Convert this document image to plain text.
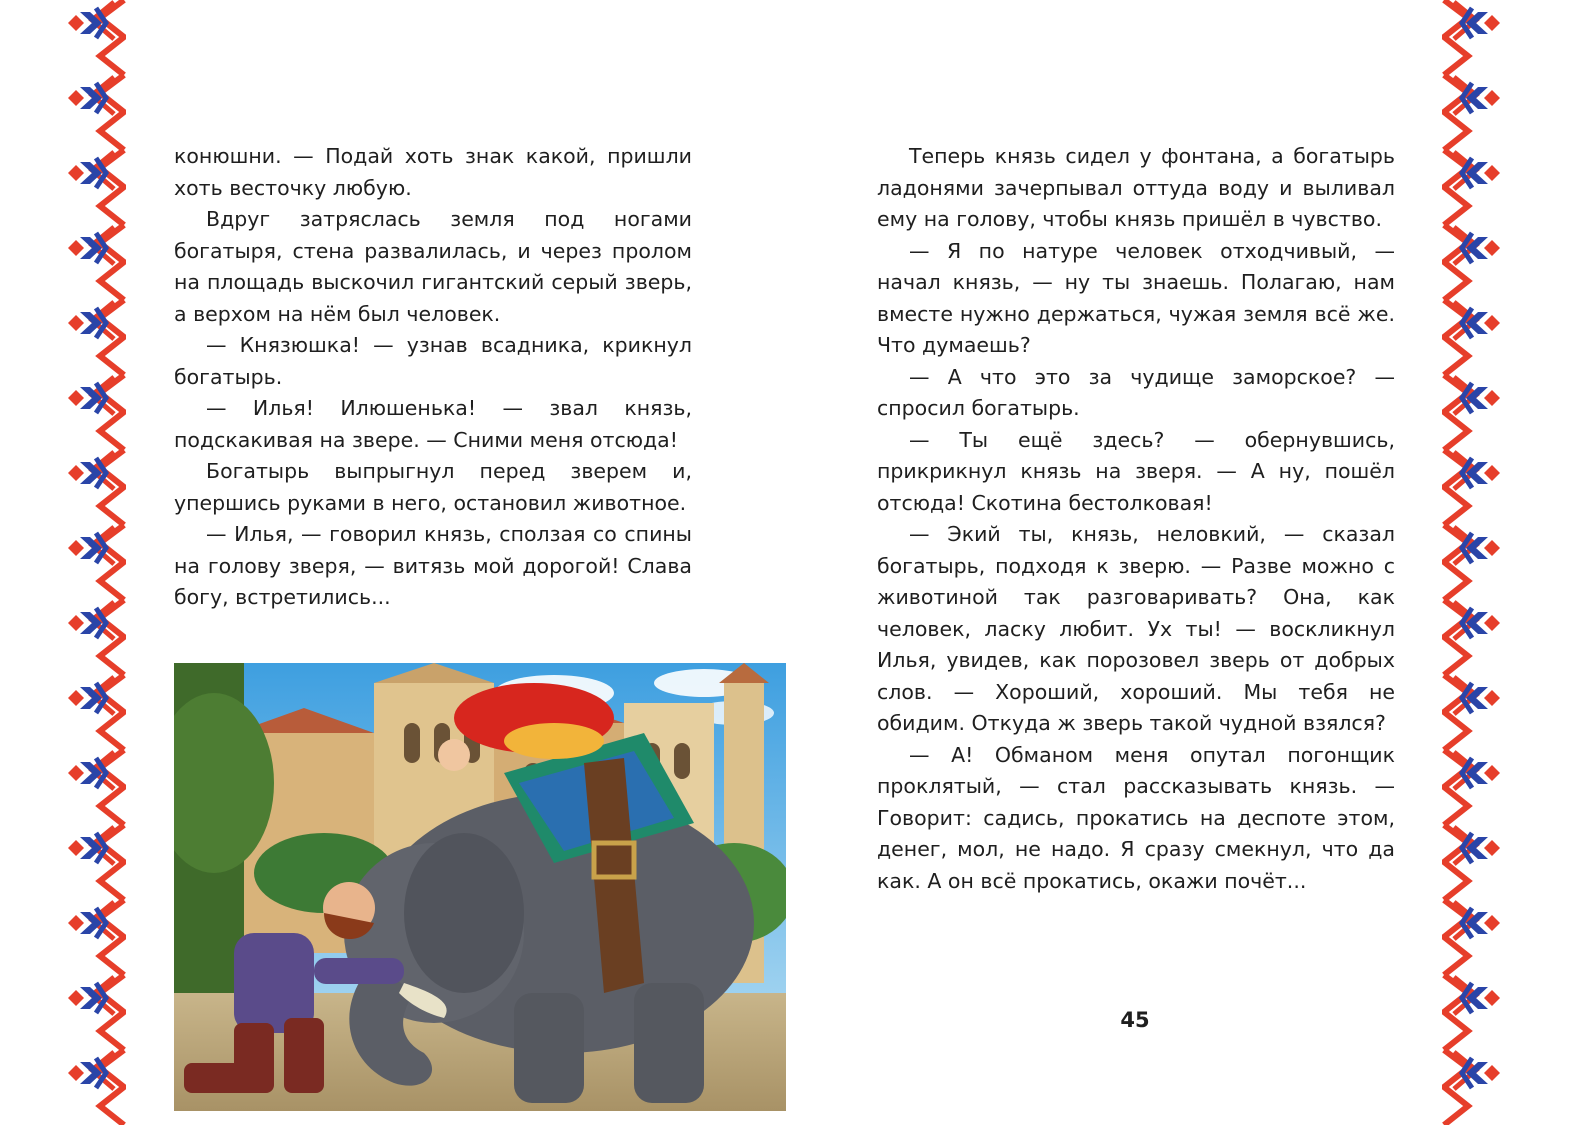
конюшни. — Подай хоть знак какой, пришли хоть весточку любую.

Вдруг затряслась земля под ногами богатыря, стена развалилась, и через пролом на площадь выскочил гигантский серый зверь, а верхом на нём был человек.

— Князюшка! — узнав всадника, крикнул богатырь.

— Илья! Илюшенька! — звал князь, подскакивая на звере. — Сними меня отсюда!

Богатырь выпрыгнул перед зверем и, упершись руками в него, остановил животное.

— Илья, — говорил князь, сползая со спины на голову зверя, — витязь мой дорогой! Слава богу, встретились...

Теперь князь сидел у фонтана, а богатырь ладонями зачерпывал оттуда воду и выливал ему на голову, чтобы князь пришёл в чувство.

— Я по натуре человек отходчивый, — начал князь, — ну ты знаешь. Полагаю, нам вместе нужно держаться, чужая земля всё же. Что думаешь?

— А что это за чудище заморское? — спросил богатырь.

— Ты ещё здесь? — обернувшись, прикрикнул князь на зверя. — А ну, пошёл отсюда! Скотина бестолковая!

— Экий ты, князь, неловкий, — сказал богатырь, подходя к зверю. — Разве можно с животиной так разговаривать? Она, как человек, ласку любит. Ух ты! — воскликнул Илья, увидев, как порозовел зверь от добрых слов. — Хороший, хороший. Мы тебя не обидим. Откуда ж зверь такой чудной взялся?

— А! Обманом меня опутал погонщик проклятый, — стал рассказывать князь. — Говорит: садись, прокатись на деспоте этом, денег, мол, не надо. Я сразу смекнул, что да как. А он всё прокатись, окажи почёт...

45
